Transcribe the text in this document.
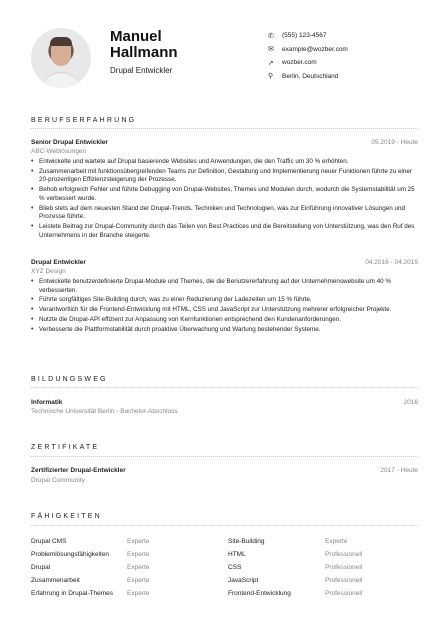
Manuel
Hallmann
Drupal Entwickler
✆	(555) 123-4567
✉	example@wozber.com
➚	wozber.com
⚲	Berlin, Deutschland
BERUFSERFAHRUNG
Senior Drupal Entwickler	05.2019 - Heute
ABC-Weblösungen
• Entwickelte und wartete auf Drupal basierende Websites und Anwendungen, die den Traffic um 30 % erhöhten.
• Zusammenarbeit mit funktionsübergreifenden Teams zur Definition, Gestaltung und Implementierung neuer Funktionen führte zu einer 20-prozentigen Effizienzsteigerung der Prozesse.
• Behob erfolgreich Fehler und führte Debugging von Drupal-Websites, Themes und Modulen durch, wodurch die Systemstabilität um 25 % verbessert wurde.
• Blieb stets auf dem neuesten Stand der Drupal-Trends, Techniken und Technologien, was zur Einführung innovativer Lösungen und Prozesse führte.
• Leistete Beitrag zur Drupal-Community durch das Teilen von Best Practices und die Bereitstellung von Unterstützung, was den Ruf des Unternehmens in der Branche steigerte.
Drupal Entwickler	04.2016 - 04.2019
XYZ Design
• Entwickelte benutzerdefinierte Drupal-Module und Themes, die die Benutzererfahrung auf der Unternehmenswebsite um 40 % verbesserten.
• Führte sorgfältiges Site-Building durch, was zu einer Reduzierung der Ladezeiten um 15 % führte.
• Verantwortlich für die Frontend-Entwicklung mit HTML, CSS und JavaScript zur Unterstützung mehrerer erfolgreicher Projekte.
• Nutzte die Drupal-API effizient zur Anpassung von Kernfunktionen entsprechend den Kundenanforderungen.
• Verbesserte die Plattformstabilität durch proaktive Überwachung und Wartung bestehender Systeme.
BILDUNGSWEG
Informatik	2016
Technische Universität Berlin - Bachelor-Abschluss
ZERTIFIKATE
Zertifizierter Drupal-Entwickler	2017 - Heute
Drupal Community
FÄHIGKEITEN
Drupal CMS	Experte	Site-Building	Experte
Problemlösungsfähigkeiten	Experte	HTML	Professionell
Drupal	Experte	CSS	Professionell
Zusammenarbeit	Experte	JavaScript	Professionell
Erfahrung in Drupal-Themes	Experte	Frontend-Entwicklung	Professionell
